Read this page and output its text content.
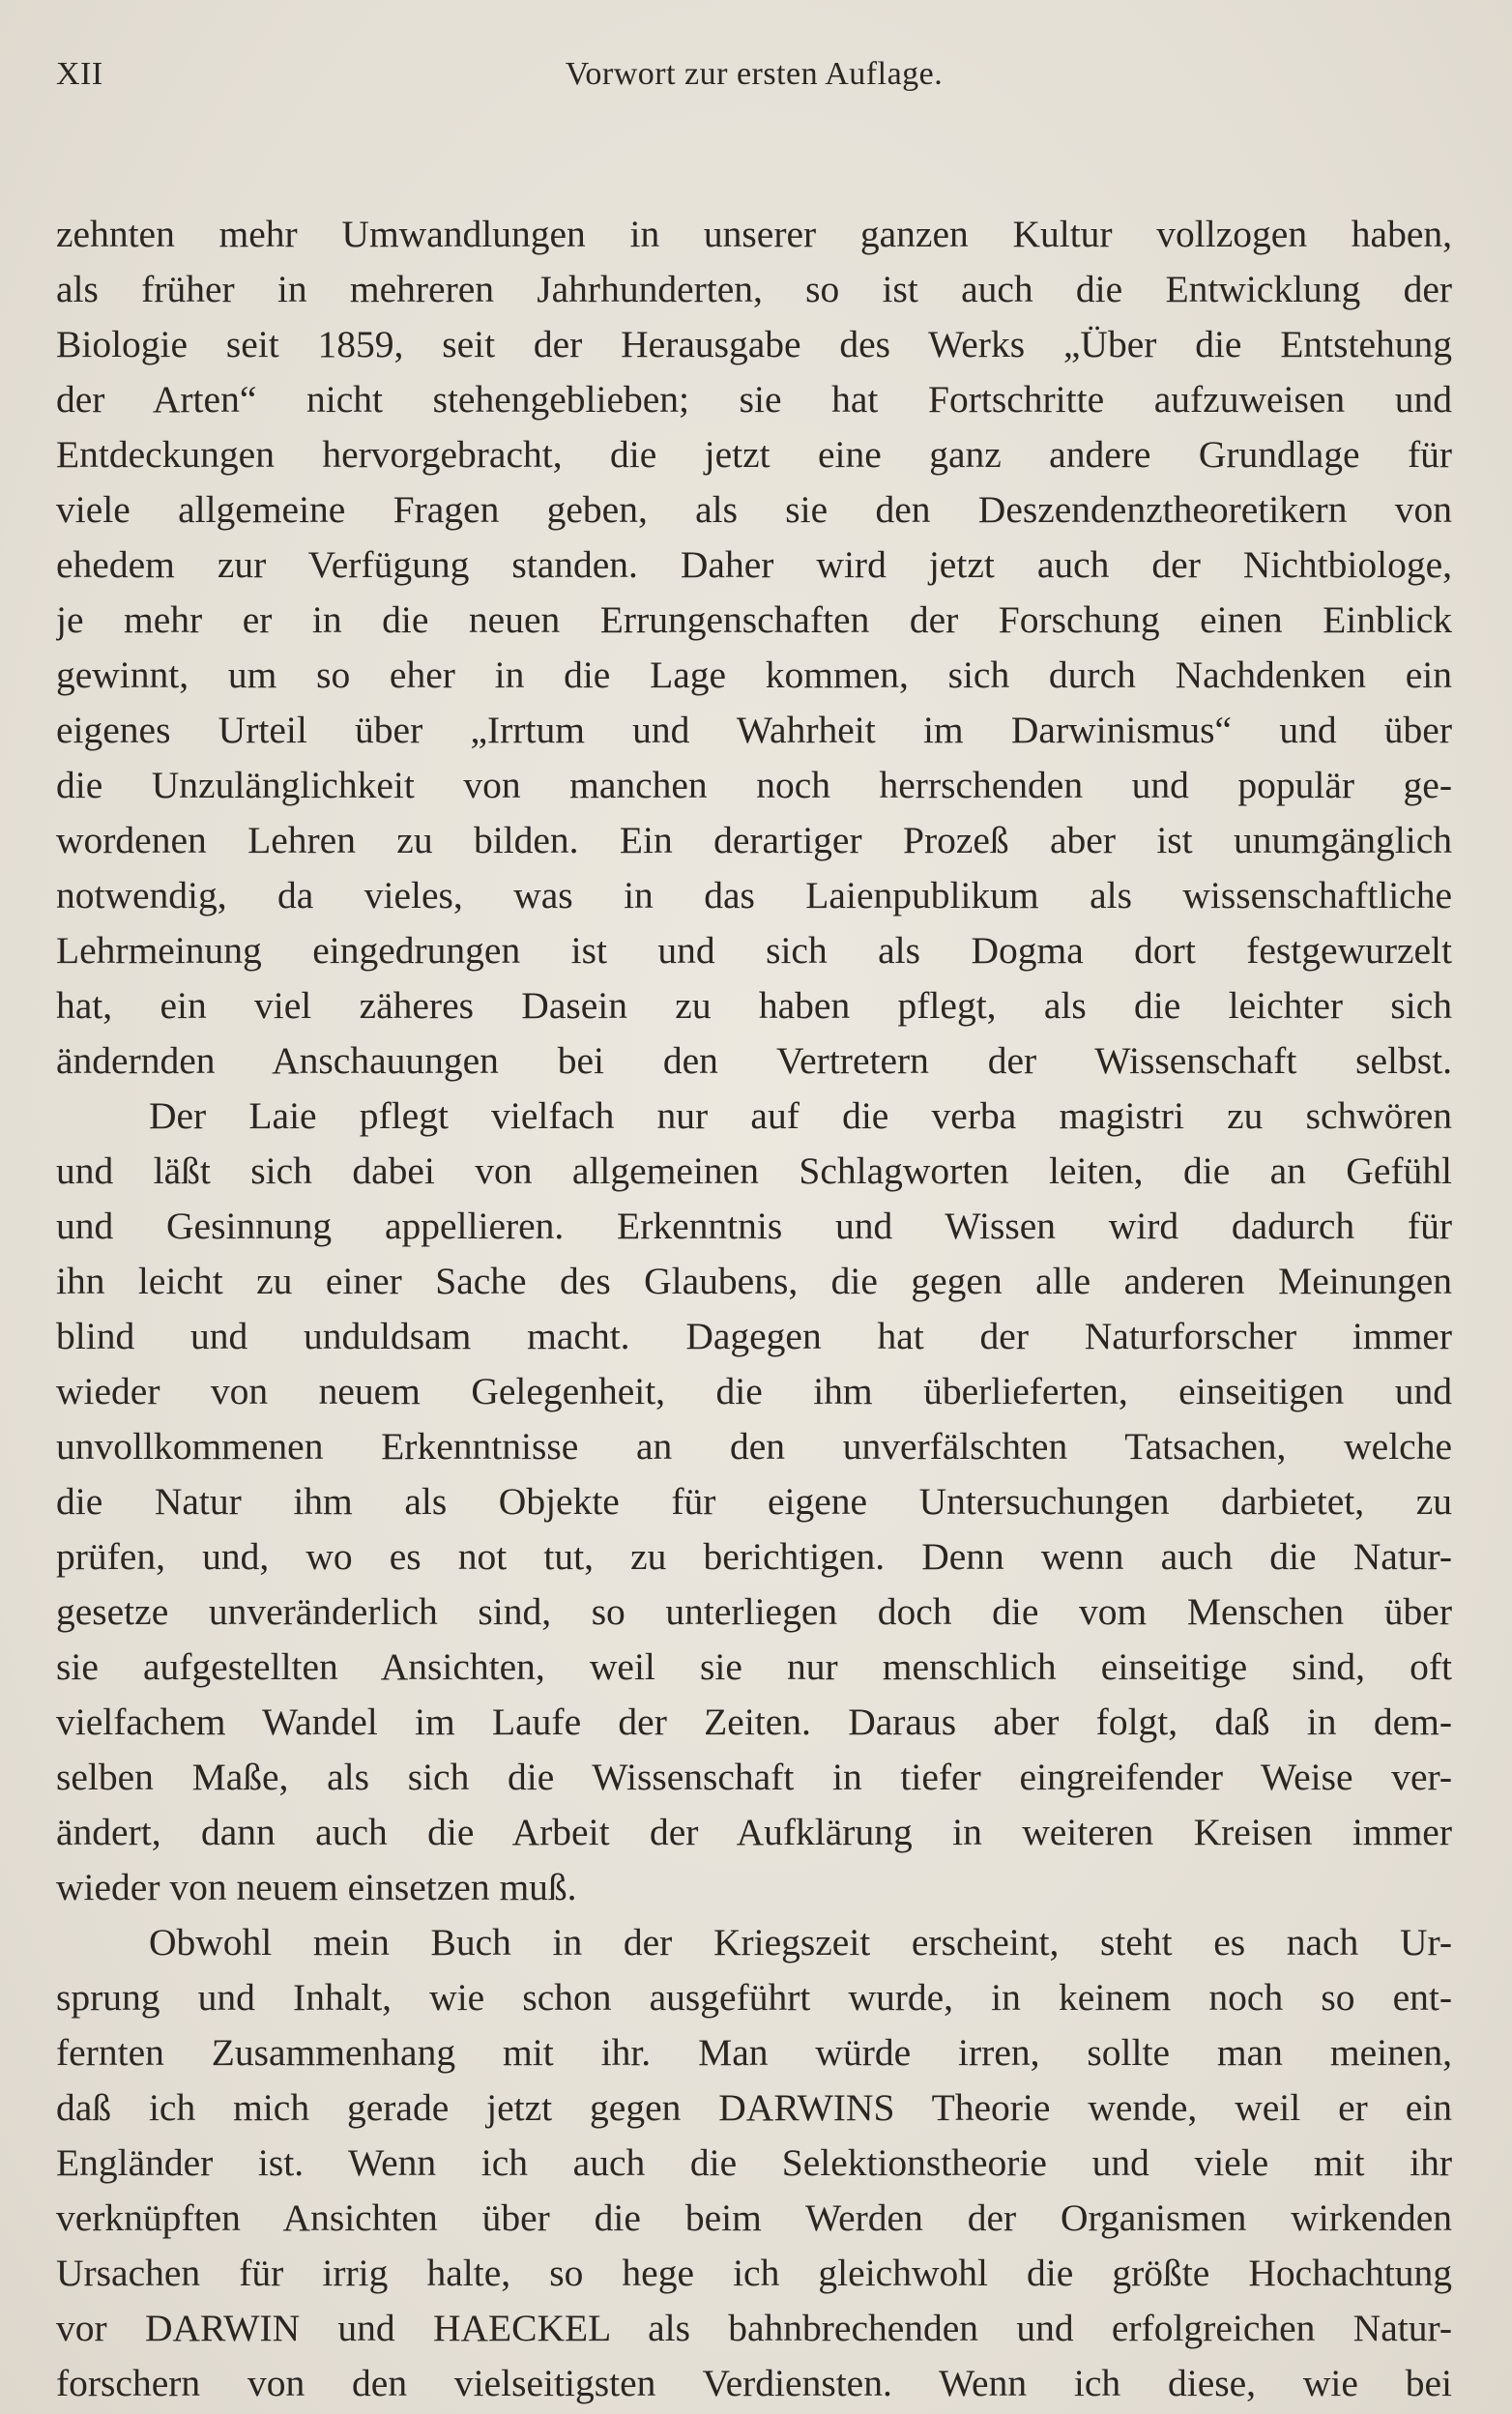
XII	Vorwort zur ersten Auflage.
zehnten mehr Umwandlungen in unserer ganzen Kultur vollzogen haben,
als früher in mehreren Jahrhunderten, so ist auch die Entwicklung der
Biologie seit 1859, seit der Herausgabe des Werks „Über die Entstehung
der Arten“ nicht stehengeblieben; sie hat Fortschritte aufzuweisen und
Entdeckungen hervorgebracht, die jetzt eine ganz andere Grundlage für
viele allgemeine Fragen geben, als sie den Deszendenztheoretikern von
ehedem zur Verfügung standen. Daher wird jetzt auch der Nichtbiologe,
je mehr er in die neuen Errungenschaften der Forschung einen Einblick
gewinnt, um so eher in die Lage kommen, sich durch Nachdenken ein
eigenes Urteil über „Irrtum und Wahrheit im Darwinismus“ und über
die Unzulänglichkeit von manchen noch herrschenden und populär ge-
wordenen Lehren zu bilden. Ein derartiger Prozeß aber ist unumgänglich
notwendig, da vieles, was in das Laienpublikum als wissenschaftliche
Lehrmeinung eingedrungen ist und sich als Dogma dort festgewurzelt
hat, ein viel zäheres Dasein zu haben pflegt, als die leichter sich
ändernden Anschauungen bei den Vertretern der Wissenschaft selbst.
Der Laie pflegt vielfach nur auf die verba magistri zu schwören
und läßt sich dabei von allgemeinen Schlagworten leiten, die an Gefühl
und Gesinnung appellieren. Erkenntnis und Wissen wird dadurch für
ihn leicht zu einer Sache des Glaubens, die gegen alle anderen Meinungen
blind und unduldsam macht. Dagegen hat der Naturforscher immer
wieder von neuem Gelegenheit, die ihm überlieferten, einseitigen und
unvollkommenen Erkenntnisse an den unverfälschten Tatsachen, welche
die Natur ihm als Objekte für eigene Untersuchungen darbietet, zu
prüfen, und, wo es not tut, zu berichtigen. Denn wenn auch die Natur-
gesetze unveränderlich sind, so unterliegen doch die vom Menschen über
sie aufgestellten Ansichten, weil sie nur menschlich einseitige sind, oft
vielfachem Wandel im Laufe der Zeiten. Daraus aber folgt, daß in dem-
selben Maße, als sich die Wissenschaft in tiefer eingreifender Weise ver-
ändert, dann auch die Arbeit der Aufklärung in weiteren Kreisen immer
wieder von neuem einsetzen muß.
Obwohl mein Buch in der Kriegszeit erscheint, steht es nach Ur-
sprung und Inhalt, wie schon ausgeführt wurde, in keinem noch so ent-
fernten Zusammenhang mit ihr. Man würde irren, sollte man meinen,
daß ich mich gerade jetzt gegen DARWINS Theorie wende, weil er ein
Engländer ist. Wenn ich auch die Selektionstheorie und viele mit ihr
verknüpften Ansichten über die beim Werden der Organismen wirkenden
Ursachen für irrig halte, so hege ich gleichwohl die größte Hochachtung
vor DARWIN und HAECKEL als bahnbrechenden und erfolgreichen Natur-
forschern von den vielseitigsten Verdiensten. Wenn ich diese, wie bei
